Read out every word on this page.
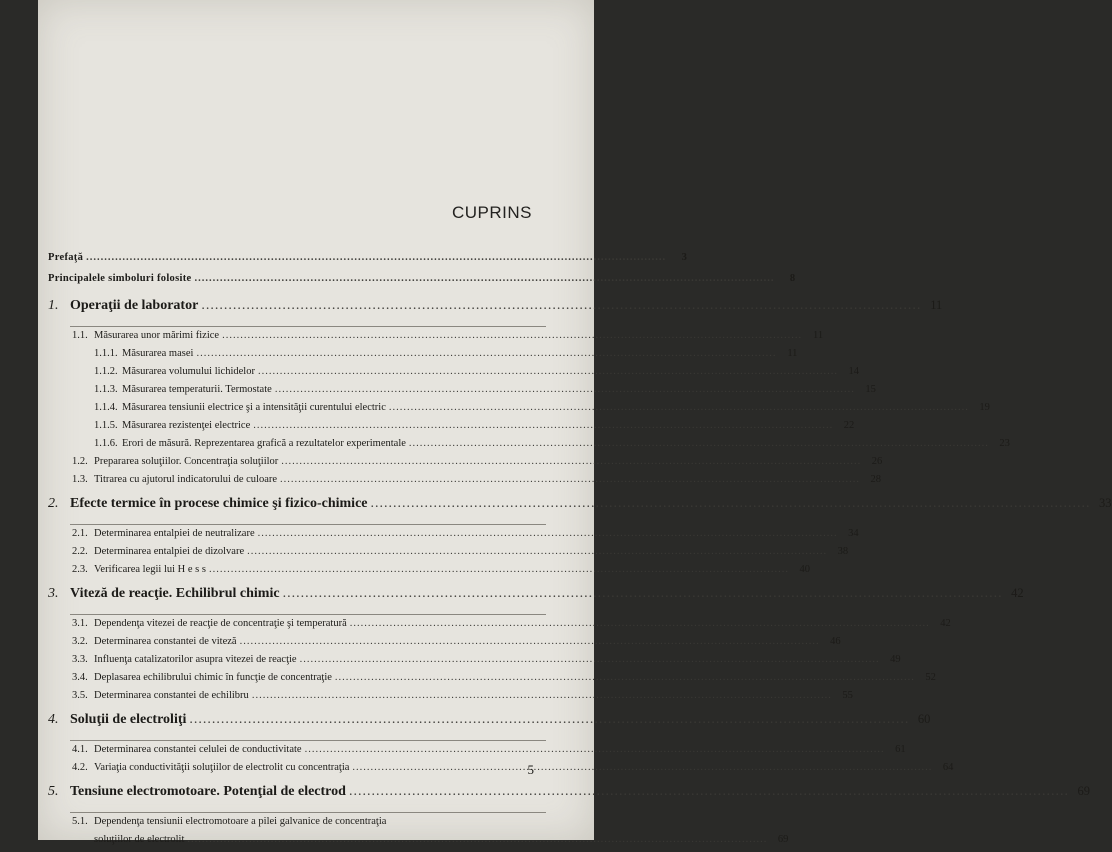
CUPRINS
Prefaţă .....	3
Principalele simboluri folosite .....	8
1. Operaţii de laborator .....	11
1.1. Măsurarea unor mărimi fizice .....	11
1.1.1. Măsurarea masei .....	11
1.1.2. Măsurarea volumului lichidelor .....	14
1.1.3. Măsurarea temperaturii. Termostate .....	15
1.1.4. Măsurarea tensiunii electrice şi a intensităţii curentului electric .....	19
1.1.5. Măsurarea rezistenţei electrice .....	22
1.1.6. Erori de măsură. Reprezentarea grafică a rezultatelor experimentale .....	23
1.2. Prepararea soluţiilor. Concentraţia soluţiilor .....	26
1.3. Titrarea cu ajutorul indicatorului de culoare .....	28
2. Efecte termice în procese chimice şi fizico-chimice .....	33
2.1. Determinarea entalpiei de neutralizare .....	34
2.2. Determinarea entalpiei de dizolvare .....	38
2.3. Verificarea legii lui H e s s .....	40
3. Viteză de reacţie. Echilibrul chimic .....	42
3.1. Dependenţa vitezei de reacţie de concentraţie şi temperatură .....	42
3.2. Determinarea constantei de viteză .....	46
3.3. Influenţa catalizatorilor asupra vitezei de reacţie .....	49
3.4. Deplasarea echilibrului chimic în funcţie de concentraţie .....	52
3.5. Determinarea constantei de echilibru .....	55
4. Soluţii de electroliţi .....	60
4.1. Determinarea constantei celulei de conductivitate .....	61
4.2. Variaţia conductivităţii soluţiilor de electrolit cu concentraţia .....	64
5. Tensiune electromotoare. Potenţial de electrod .....	69
5.1. Dependenţa tensiunii electromotoare a pilei galvanice de concentraţia
soluţiilor de electrolit .....	69
5
